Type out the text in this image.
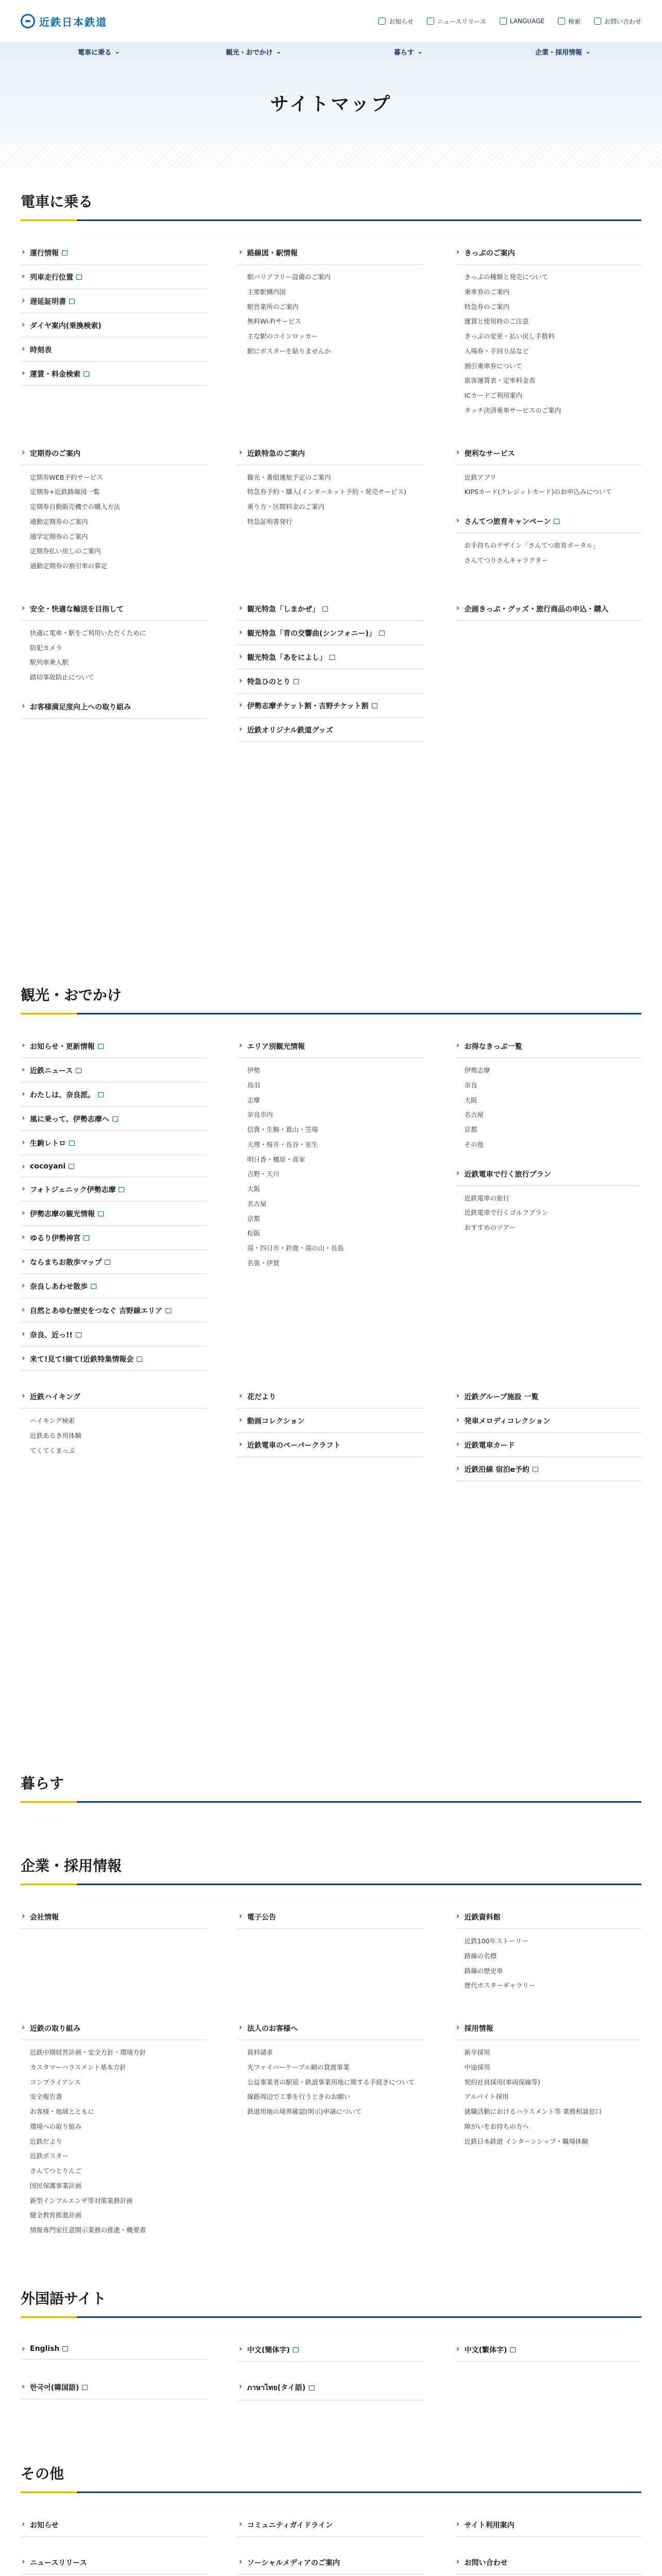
近鉄日本鉄道	お知らせ	ニュースリリース	LANGUAGE	検索	お問い合わせ
電車に乗る ⌄	観光・おでかけ ⌄	暮らす ⌄	企業・採用情報 ⌄
サイトマップ
電車に乗る
› 運行情報
› 列車走行位置
› 遅延証明書
› ダイヤ案内(乗換検索)
› 時刻表
› 運賃・料金検索
› 路線図・駅情報
駅バリアフリー設備のご案内
主要駅構内図
駅営業所のご案内
無料Wi-Fiサービス
主な駅のコインロッカー
駅にポスターを貼りませんか
› きっぷのご案内
きっぷの種類と発売について
乗車券のご案内
特急券のご案内
運賃と使用時のご注意
きっぷの変更・払い戻し手数料
入場券・手回り品など
割引乗車券について
旅客運賃表・定率料金表
ICカードご利用案内
タッチ決済乗車サービスのご案内
› 定期券のご案内
定期券WEB予約サービス
定期券+近鉄路線図一覧
定期券自動販売機での購入方法
通勤定期券のご案内
通学定期券のご案内
定期券払い戻しのご案内
通勤定期券の割引率の算定
› 近鉄特急のご案内
観光・番組運航予定のご案内
特急券予約・購入(インターネット予約・発売サービス)
乗り方・区間料金のご案内
特急証明書発行
› 便利なサービス
近鉄アプリ
KIPSカード(クレジットカード)のお申込みについて
› さんてつ旅育キャンペーン
お手持ちのデザイン「さんてつ旅育ポータル」
さんてつりさんキャラクター
› 安全・快適な輸送を目指して
快適に電車・駅をご利用いただくために
防犯カメラ
駅列車乗入駅
踏切事故防止について
› お客様満足度向上への取り組み
› 観光特急「しまかぜ」
› 観光特急「青の交響曲(シンフォニー)」
› 観光特急「あをによし」
› 特急ひのとり
› 伊勢志摩チケット割・吉野チケット割
› 近鉄オリジナル鉄道グッズ
› 企画きっぷ・グッズ・旅行商品の申込・購入
観光・おでかけ
› お知らせ・更新情報
› 近鉄ニュース
› わたしは、奈良派。
› 風に乗って、伊勢志摩へ
› 生駒レトロ
› cocoyani
› フォトジェニック伊勢志摩
› 伊勢志摩の観光情報
› ゆるり伊勢神宮
› ならまちお散歩マップ
› 奈良しあわせ散歩
› 自然とあゆむ歴史をつなぐ 吉野線エリア
› 奈良、近っ!!
› 来て!見て!揃て!近鉄特集情報会
› エリア別観光情報
伊勢
鳥羽
志摩
奈良市内
信貴・生駒・葛山・笠場
天理・桜井・長谷・室生
明日香・橿原・高家
吉野・天川
大阪
名古屋
京都
松阪
湯・四日市・鈴鹿・湯の山・長島
名張・伊賀
› お得なきっぷ一覧
伊勢志摩
奈良
大阪
名古屋
京都
その他
› 近鉄電車で行く旅行プラン
近鉄電車の旅行
近鉄電車で行くゴルフプラン
おすすめのツアー
› 近鉄ハイキング
ハイキング検索
近鉄あるき用体験
てくてくまっぷ
› 花だより
› 動画コレクション
› 近鉄電車のペーパークラフト
› 近鉄グループ施設 一覧
› 発車メロディコレクション
› 近鉄電車カード
› 近鉄沿線 宿泊e予約
暮らす
企業・採用情報
› 会社情報	› 電子公告	› 近鉄資料館
近鉄100年ストーリー
路線の名標
路線の歴史車
歴代ポスターギャラリー
› 近鉄の取り組み
近鉄中期経営計画・安全方針・環境方針
カスタマーハラスメント基本方針
コンプライアンス
安全報告書
お客様・地域とともに
環境への取り組み
近鉄だより
近鉄ポスター
さんてつとりんご
国民保護事業計画
新型インフルエンザ等対策業務計画
健全教育推進計画
情報専門家任意開示業務の推進・概要書
› 法人のお客様へ
資料請求
光ファイバーケーブル網の貸渡事業
公益事業者の駅前・鉄道事業用地に関する手続きについて
線路周辺で工事を行うときのお願い
鉄道用地の境界確認(明示)申請について
› 採用情報
新卒採用
中途採用
契約社員採用(車両保線等)
アルバイト採用
就職活動におけるハラスメント等 業務相談窓口
障がいをお持ちの方へ
近鉄日本鉄道 インターンシップ・職場体験
外国語サイト
› English	› 中文(簡体字)	› 中文(繁体字)
› 한국어(韓国語)	› ภาษาไทย(タイ語)
その他
› お知らせ	› コミュニティガイドライン	› サイト利用案内
› ニュースリリース	› ソーシャルメディアのご案内	› お問い合わせ
